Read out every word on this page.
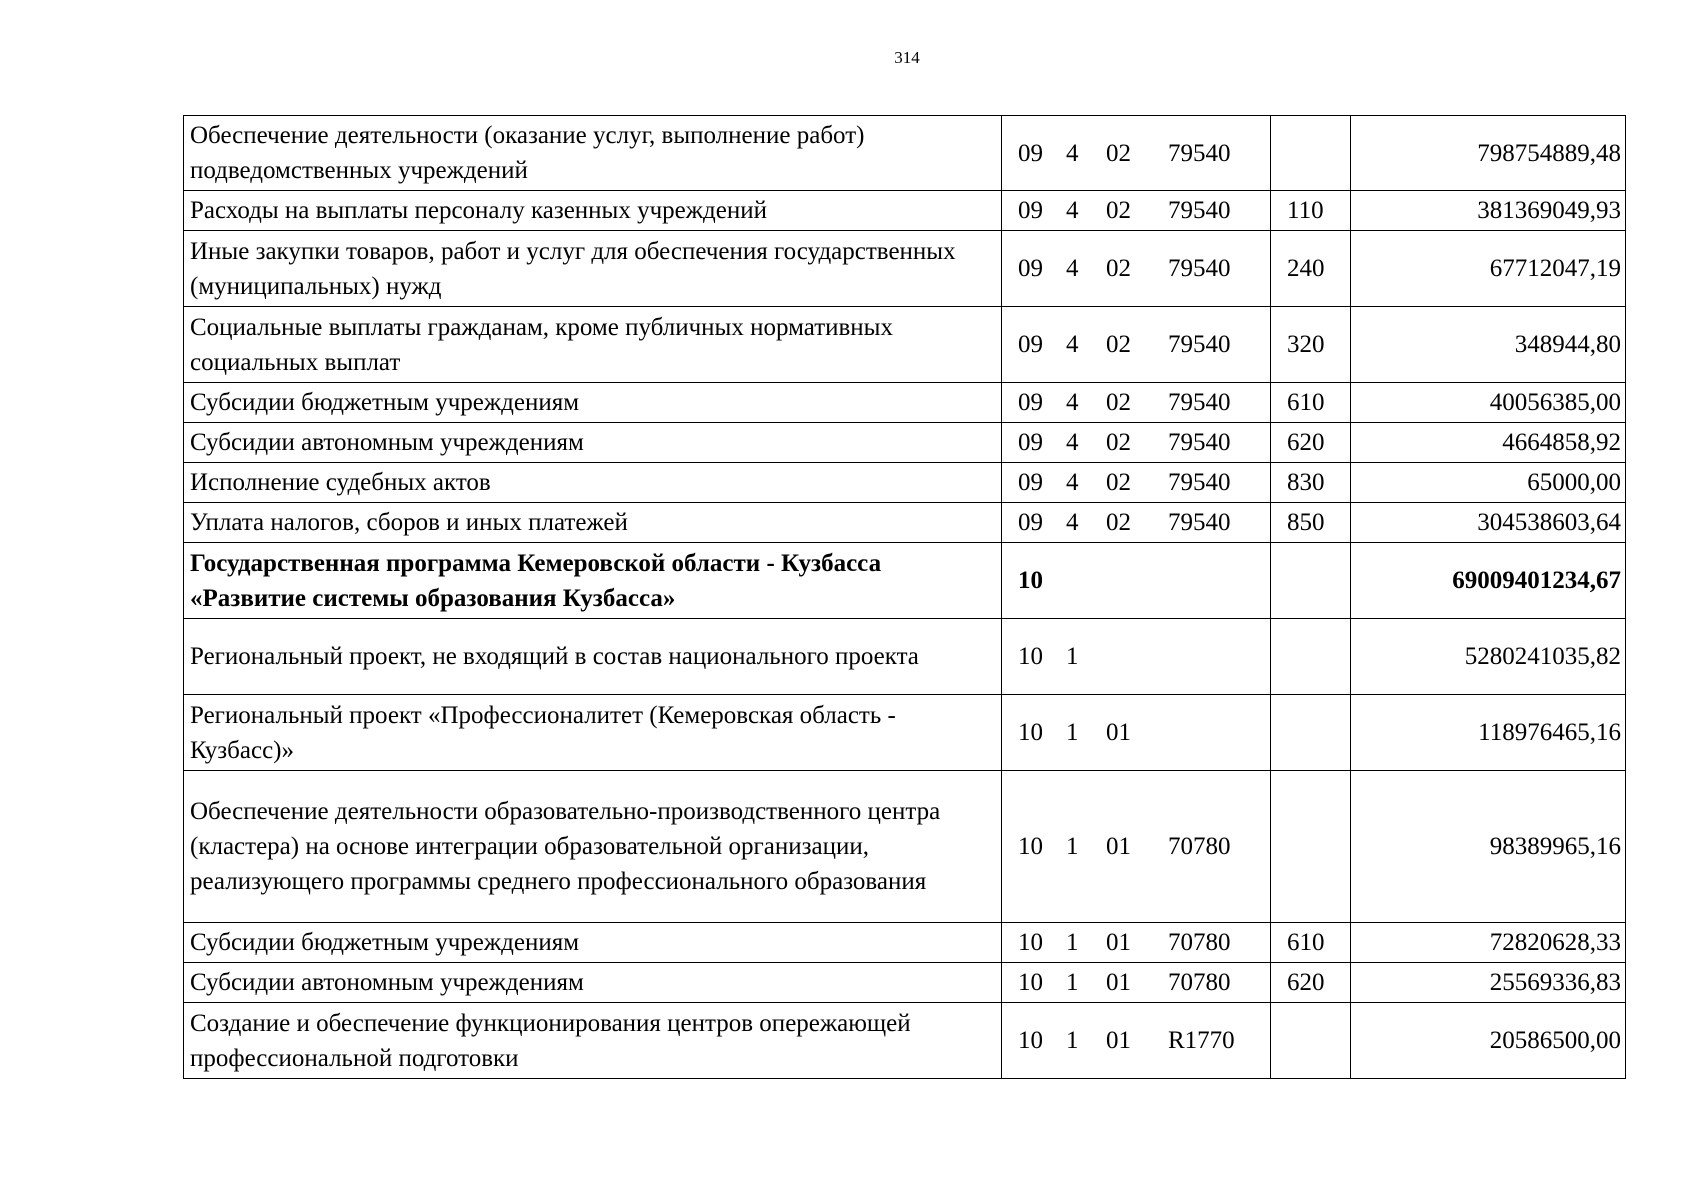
314
Обеспечение деятельности (оказание услуг, выполнение работ) подведомственных учреждений	09 4 02 79540		798754889,48
Расходы на выплаты персоналу казенных учреждений	09 4 02 79540	110	381369049,93
Иные закупки товаров, работ и услуг для обеспечения государственных (муниципальных) нужд	09 4 02 79540	240	67712047,19
Социальные выплаты гражданам, кроме публичных нормативных социальных выплат	09 4 02 79540	320	348944,80
Субсидии бюджетным учреждениям	09 4 02 79540	610	40056385,00
Субсидии автономным учреждениям	09 4 02 79540	620	4664858,92
Исполнение судебных актов	09 4 02 79540	830	65000,00
Уплата налогов, сборов и иных платежей	09 4 02 79540	850	304538603,64
Государственная программа Кемеровской области - Кузбасса «Развитие системы образования Кузбасса»	10		69009401234,67
Региональный проект, не входящий в состав национального проекта	10 1		5280241035,82
Региональный проект «Профессионалитет (Кемеровская область - Кузбасс)»	10 1 01		118976465,16
Обеспечение деятельности образовательно-производственного центра (кластера) на основе интеграции образовательной организации, реализующего программы среднего профессионального образования	10 1 01 70780		98389965,16
Субсидии бюджетным учреждениям	10 1 01 70780	610	72820628,33
Субсидии автономным учреждениям	10 1 01 70780	620	25569336,83
Создание и обеспечение функционирования центров опережающей профессиональной подготовки	10 1 01 R1770		20586500,00
